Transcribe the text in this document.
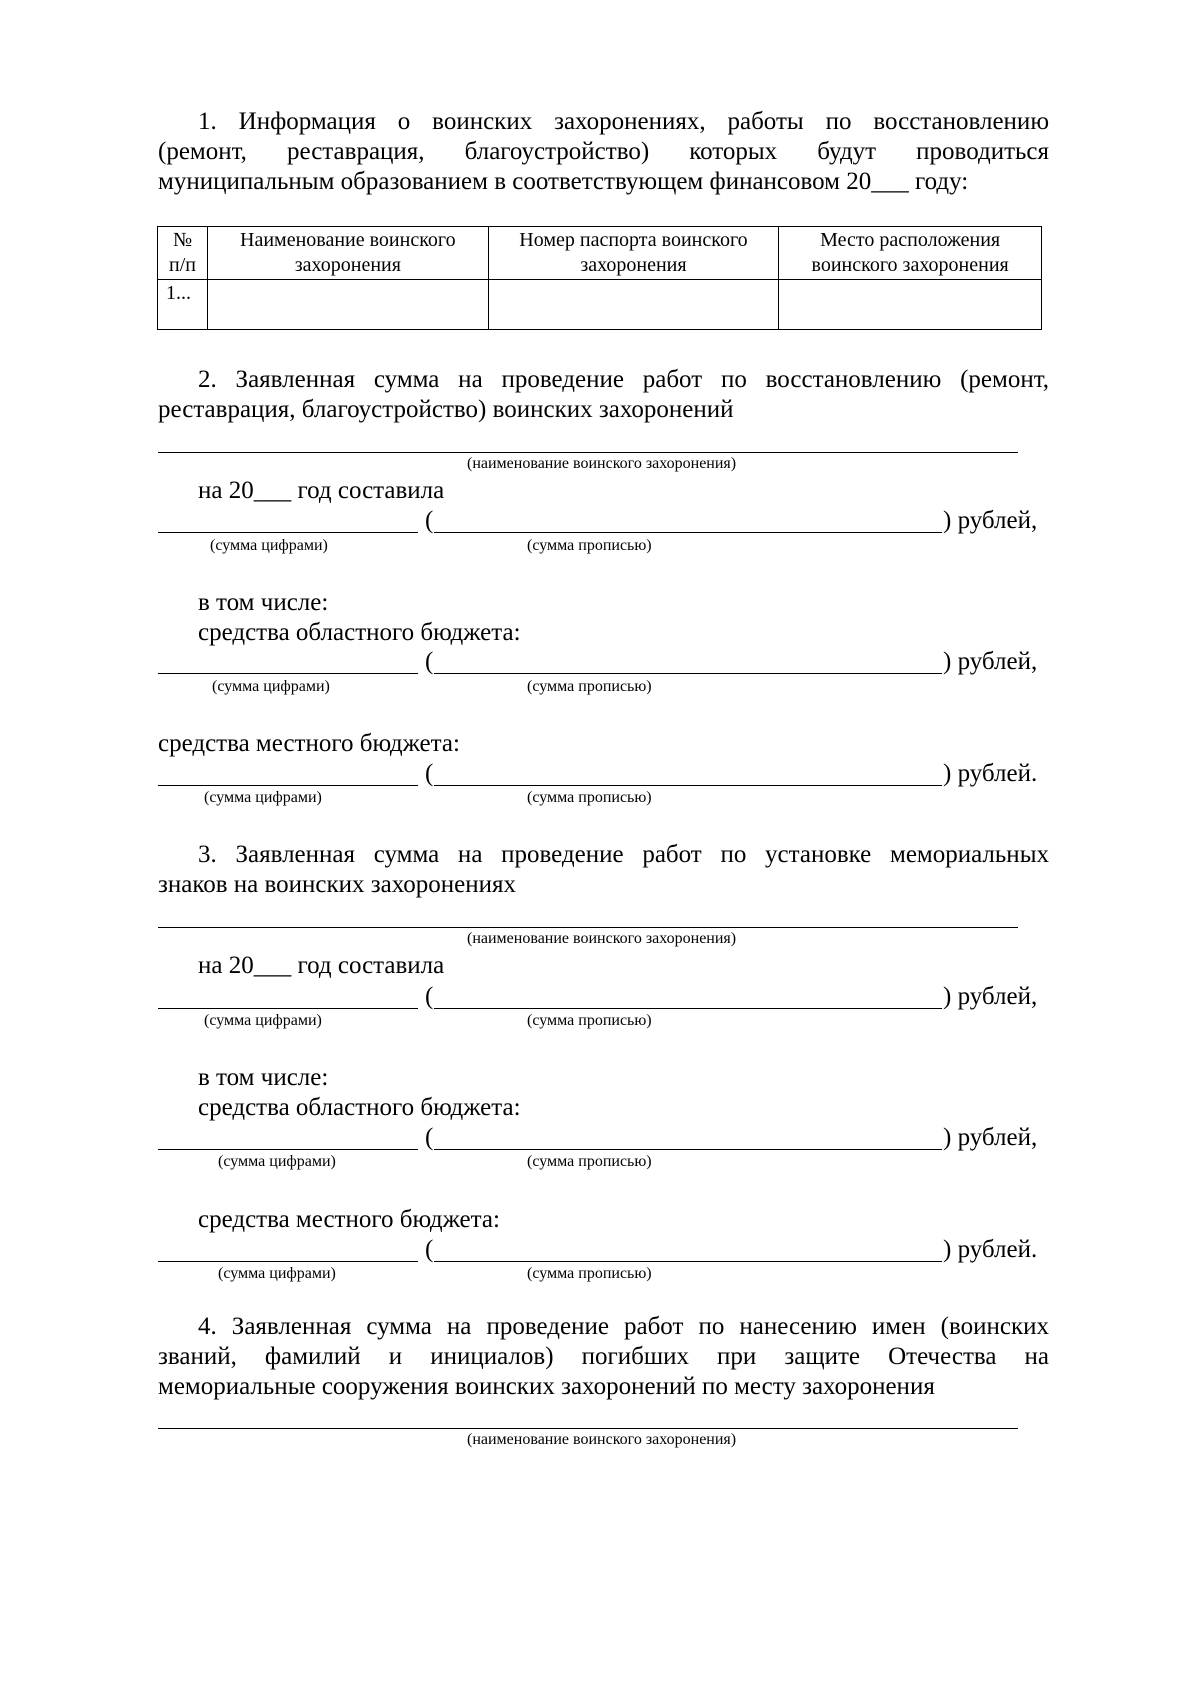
1. Информация о воинских захоронениях, работы по восстановлению
(ремонт, реставрация, благоустройство) которых будут проводиться
муниципальным образованием в соответствующем финансовом 20___ году:
№ п/п	Наименование воинского захоронения	Номер паспорта воинского захоронения	Место расположения воинского захоронения
1...			
2. Заявленная сумма на проведение работ по восстановлению (ремонт,
реставрация, благоустройство) воинских захоронений
(наименование воинского захоронения)
на 20___ год составила
(	) рублей,
(сумма цифрами)	(сумма прописью)
в том числе:
средства областного бюджета:
(	) рублей,
(сумма цифрами)	(сумма прописью)
средства местного бюджета:
(	) рублей.
(сумма цифрами)	(сумма прописью)
3. Заявленная сумма на проведение работ по установке мемориальных
знаков на воинских захоронениях
(наименование воинского захоронения)
на 20___ год составила
(	) рублей,
(сумма цифрами)	(сумма прописью)
в том числе:
средства областного бюджета:
(	) рублей,
(сумма цифрами)	(сумма прописью)
средства местного бюджета:
(	) рублей.
(сумма цифрами)	(сумма прописью)
4. Заявленная сумма на проведение работ по нанесению имен (воинских
званий, фамилий и инициалов) погибших при защите Отечества на
мемориальные сооружения воинских захоронений по месту захоронения
(наименование воинского захоронения)
